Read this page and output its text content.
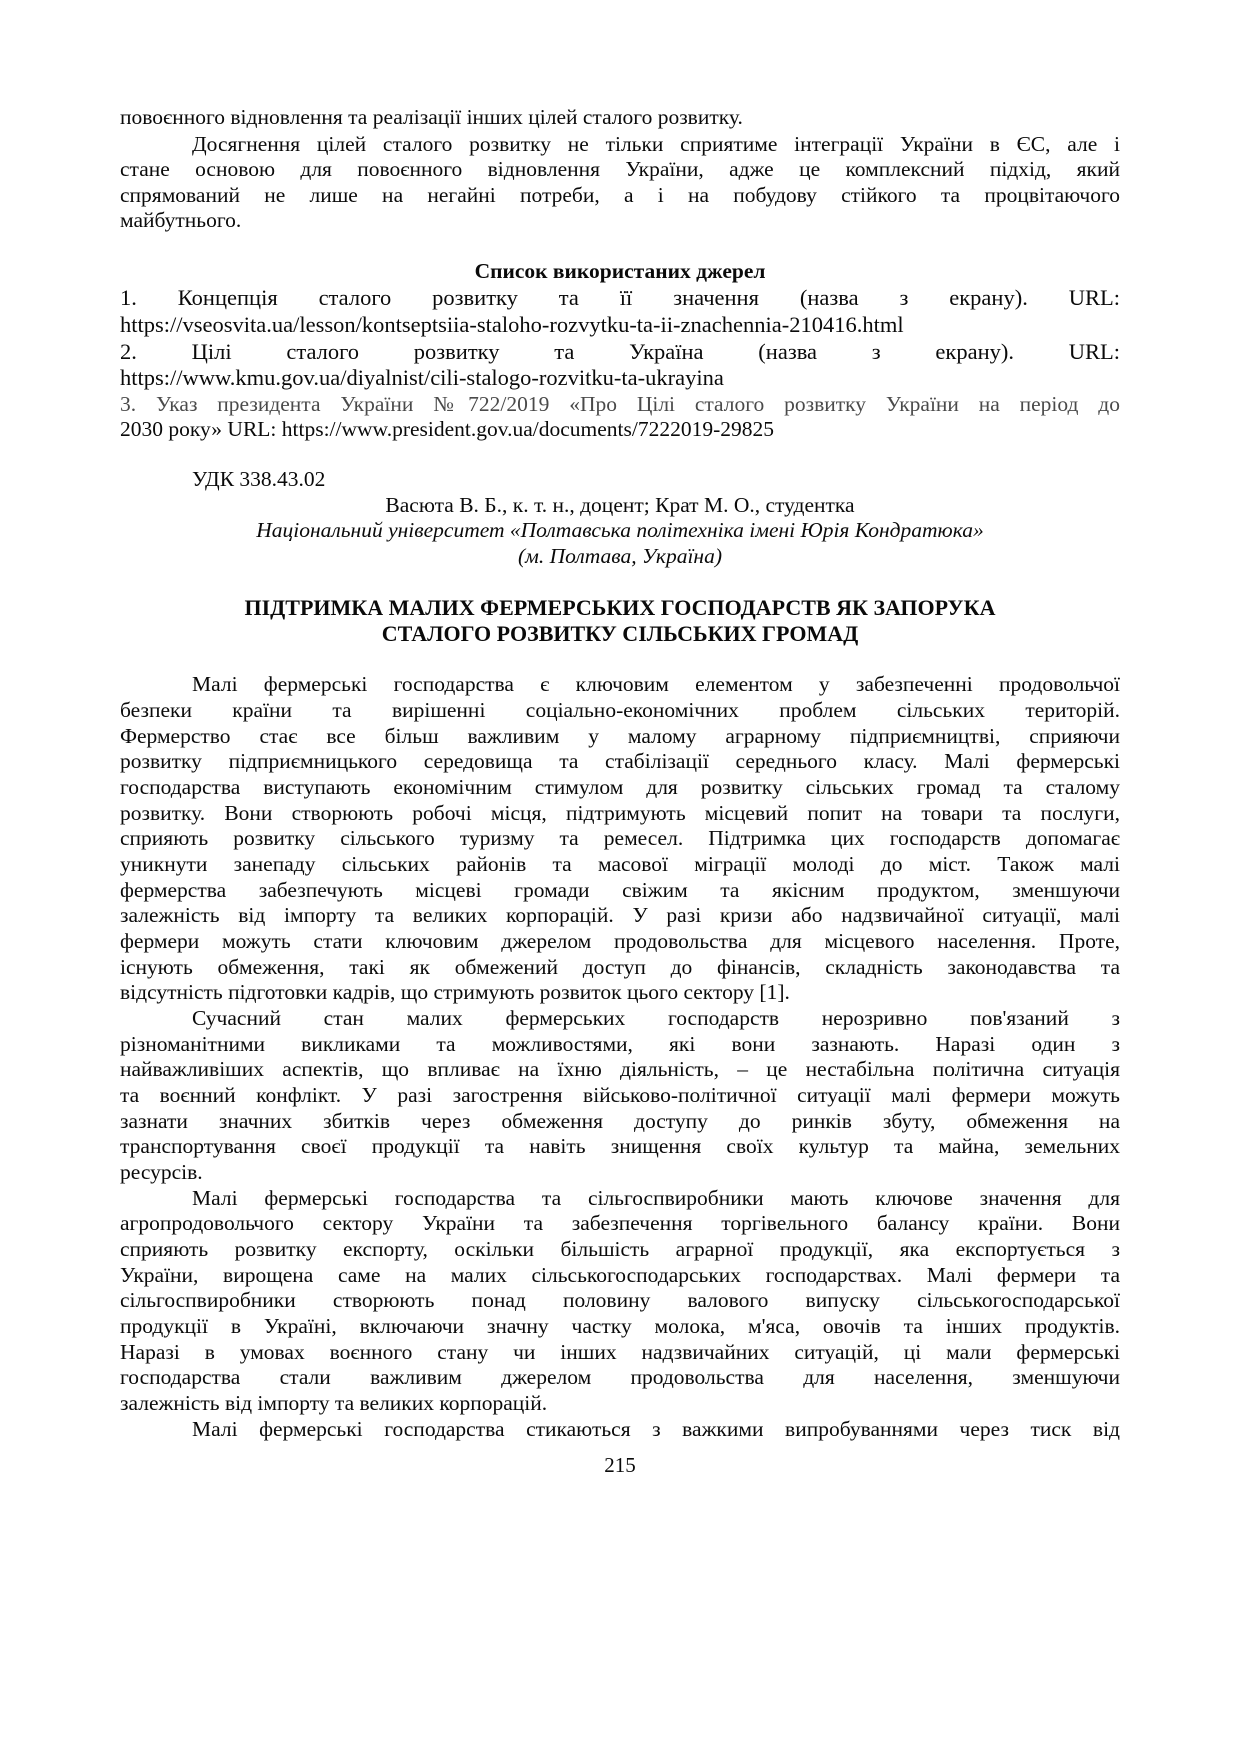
повоєнного відновлення та реалізації інших цілей сталого розвитку.
Досягнення цілей сталого розвитку не тільки сприятиме інтеграції України в ЄС, але і
стане основою для повоєнного відновлення України, адже це комплексний підхід, який
спрямований не лише на негайні потреби, а і на побудову стійкого та процвітаючого
майбутнього.
Список використаних джерел
1. Концепція сталого розвитку та її значення (назва з екрану). URL:
https://vseosvita.ua/lesson/kontseptsiia-staloho-rozvytku-ta-ii-znachennia-210416.html
2. Цілі сталого розвитку та Україна (назва з екрану). URL:
https://www.kmu.gov.ua/diyalnist/cili-stalogo-rozvitku-ta-ukrayina
3. Указ президента України №722/2019 «Про Цілі сталого розвитку України на період до
2030 року» URL: https://www.president.gov.ua/documents/7222019-29825
УДК 338.43.02
Васюта В. Б., к. т. н., доцент; Крат М. О., студентка
Національний університет «Полтавська політехніка імені Юрія Кондратюка»
(м. Полтава, Україна)
ПІДТРИМКА МАЛИХ ФЕРМЕРСЬКИХ ГОСПОДАРСТВ ЯК ЗАПОРУКА
СТАЛОГО РОЗВИТКУ СІЛЬСЬКИХ ГРОМАД
Малі фермерські господарства є ключовим елементом у забезпеченні продовольчої
безпеки країни та вирішенні соціально-економічних проблем сільських територій.
Фермерство стає все більш важливим у малому аграрному підприємництві, сприяючи
розвитку підприємницького середовища та стабілізації середнього класу. Малі фермерські
господарства виступають економічним стимулом для розвитку сільських громад та сталому
розвитку. Вони створюють робочі місця, підтримують місцевий попит на товари та послуги,
сприяють розвитку сільського туризму та ремесел. Підтримка цих господарств допомагає
уникнути занепаду сільських районів та масової міграції молоді до міст. Також малі
фермерства забезпечують місцеві громади свіжим та якісним продуктом, зменшуючи
залежність від імпорту та великих корпорацій. У разі кризи або надзвичайної ситуації, малі
фермери можуть стати ключовим джерелом продовольства для місцевого населення. Проте,
існують обмеження, такі як обмежений доступ до фінансів, складність законодавства та
відсутність підготовки кадрів, що стримують розвиток цього сектору [1].
Сучасний стан малих фермерських господарств нерозривно пов'язаний з
різноманітними викликами та можливостями, які вони зазнають. Наразі один з
найважливіших аспектів, що впливає на їхню діяльність, – це нестабільна політична ситуація
та воєнний конфлікт. У разі загострення військово-політичної ситуації малі фермери можуть
зазнати значних збитків через обмеження доступу до ринків збуту, обмеження на
транспортування своєї продукції та навіть знищення своїх культур та майна, земельних
ресурсів.
Малі фермерські господарства та сільгоспвиробники мають ключове значення для
агропродовольчого сектору України та забезпечення торгівельного балансу країни. Вони
сприяють розвитку експорту, оскільки більшість аграрної продукції, яка експортується з
України, вирощена саме на малих сільськогосподарських господарствах. Малі фермери та
сільгоспвиробники створюють понад половину валового випуску сільськогосподарської
продукції в Україні, включаючи значну частку молока, м'яса, овочів та інших продуктів.
Наразі в умовах воєнного стану чи інших надзвичайних ситуацій, ці мали фермерські
господарства стали важливим джерелом продовольства для населення, зменшуючи
залежність від імпорту та великих корпорацій.
Малі фермерські господарства стикаються з важкими випробуваннями через тиск від
215
